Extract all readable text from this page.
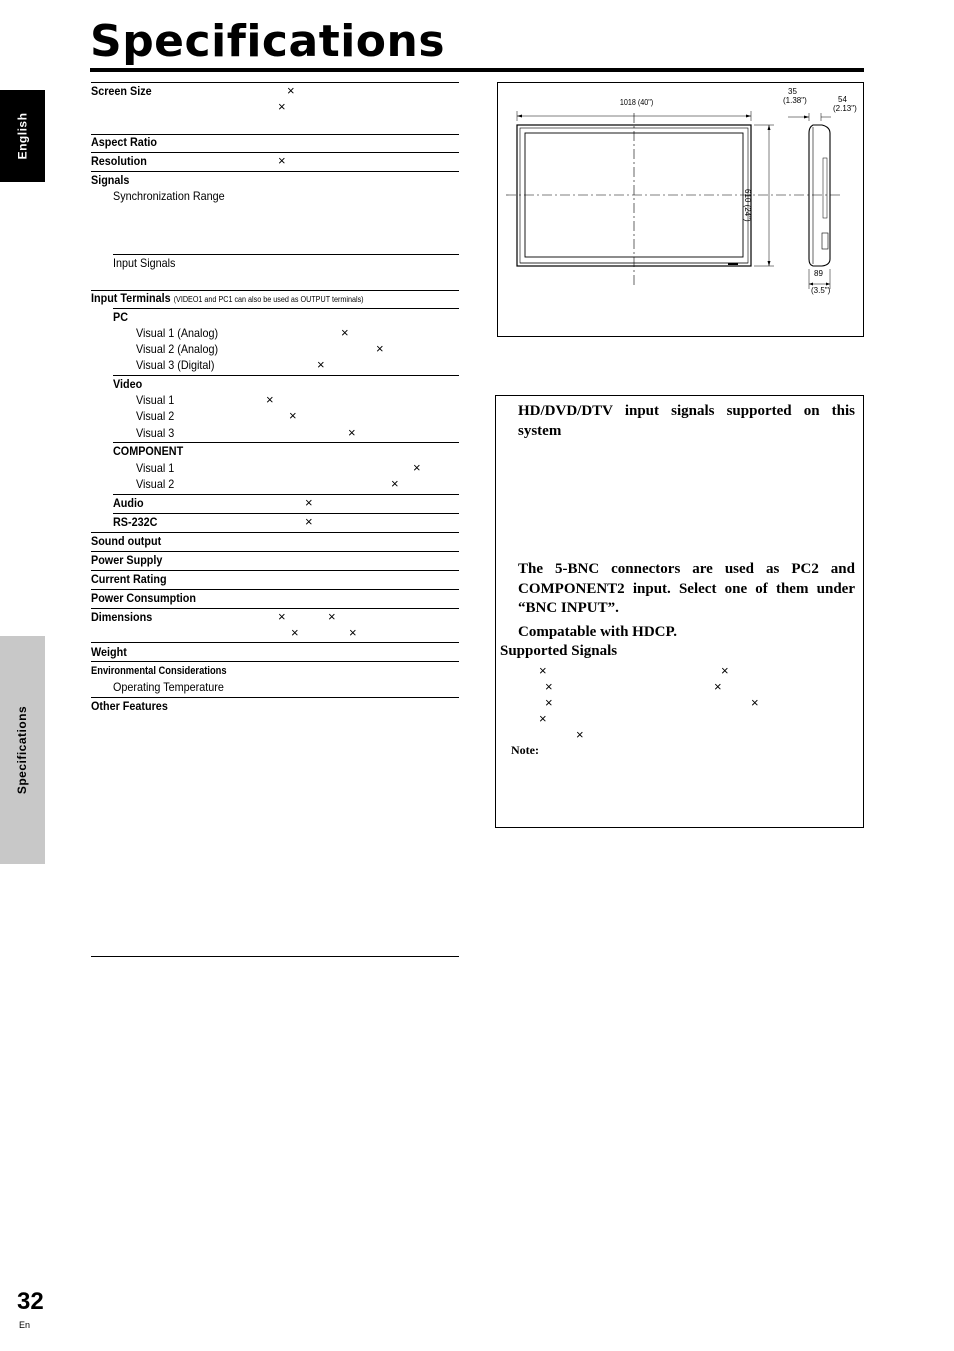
Specifications
English
Specifications
Screen Size	×
×
Aspect Ratio
Resolution	×
Signals
Synchronization Range
Input Signals
Input Terminals (VIDEO1 and PC1 can also be used as OUTPUT terminals)
PC
Visual 1 (Analog)	×
Visual 2 (Analog)	×
Visual 3 (Digital)	×
Video
Visual 1	×
Visual 2	×
Visual 3	×
COMPONENT
Visual 1	×
Visual 2	×
Audio	×
RS-232C	×
Sound output
Power Supply
Current Rating
Power Consumption
Dimensions	×	×
×	×
Weight
Environmental Considerations
Operating Temperature
Other Features
1018 (40")
610 (24")
35
(1.38")	54
(2.13")
89
(3.5")
HD/DVD/DTV input signals supported on this system
The 5-BNC connectors are used as PC2 and COMPONENT2 input. Select one of them under “BNC INPUT”.
Compatable with HDCP.
Supported Signals
×	×
×	×
×	×
×
×
Note:
32
En
